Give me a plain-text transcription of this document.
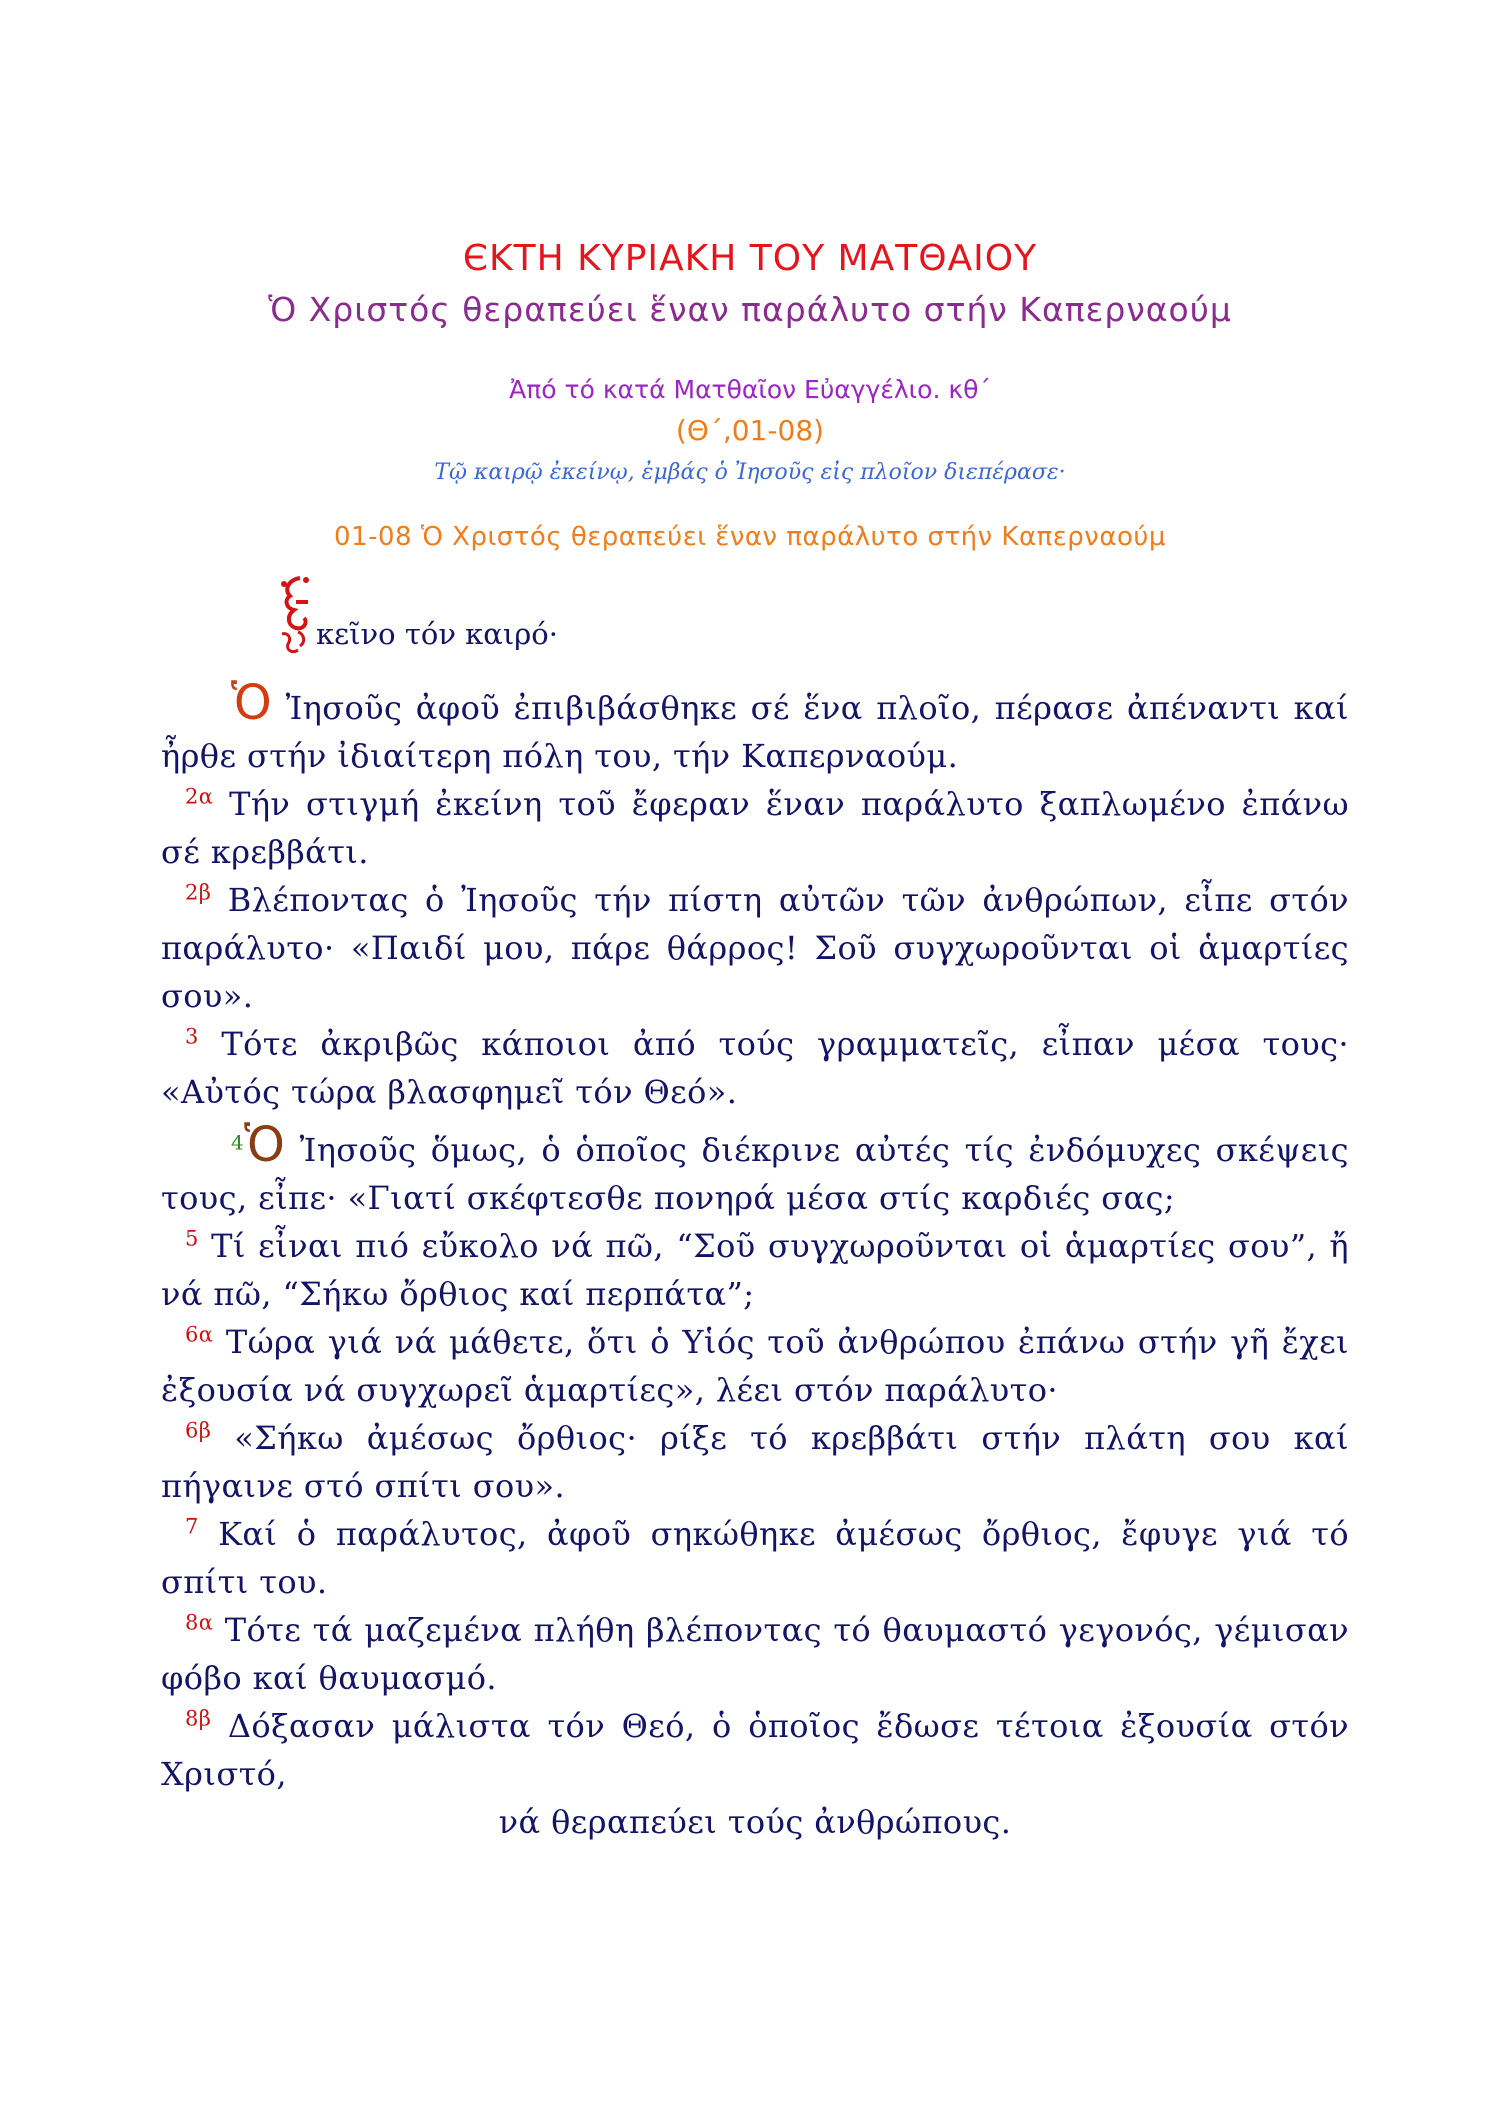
ЄΚΤΗ ΚΥΡΙΑΚΗ ΤΟΥ ΜΑΤΘΑΙΟΥ
Ὁ Χριστός θεραπεύει ἕναν παράλυτο στήν Καπερναούμ
Ἀπό τό κατά Ματθαῖον Εὐαγγέλιο. κθ΄
(Θ΄,01-08)
Τῷ καιρῷ ἐκείνῳ, ἐμβάς ὁ Ἰησοῦς εἰς πλοῖον διεπέρασε·
01-08 Ὁ Χριστός θεραπεύει ἕναν παράλυτο στήν Καπερναούμ
κεῖνο τόν καιρό·

Ὁ Ἰησοῦς ἀφοῦ ἐπιβιβάσθηκε σέ ἕνα πλοῖο, πέρασε ἀπέναντι καί ἦρθε στήν ἰδιαίτερη πόλη του, τήν Καπερναούμ.

$^{2\alpha}$ Τήν στιγμή ἐκείνη τοῦ ἔφεραν ἕναν παράλυτο ξαπλωμένο ἐπάνω σέ κρεββάτι.

$^{2\beta}$ Βλέποντας ὁ Ἰησοῦς τήν πίστη αὐτῶν τῶν ἀνθρώπων, εἶπε στόν παράλυτο· «Παιδί μου, πάρε θάρρος! Σοῦ συγχωροῦνται οἱ ἁμαρτίες σου».

$^3$ Τότε ἀκριβῶς κάποιοι ἀπό τούς γραμματεῖς, εἶπαν μέσα τους· «Αὐτός τώρα βλασφημεῖ τόν Θεό».

$^4$Ὁ Ἰησοῦς ὅμως, ὁ ὁποῖος διέκρινε αὐτές τίς ἐνδόμυχες σκέψεις τους, εἶπε· «Γιατί σκέφτεσθε πονηρά μέσα στίς καρδιές σας;

$^5$ Τί εἶναι πιό εὔκολο νά πῶ, “Σοῦ συγχωροῦνται οἱ ἁμαρτίες σου”, ἤ νά πῶ, “Σήκω ὄρθιος καί περπάτα”;

$^{6\alpha}$ Τώρα γιά νά μάθετε, ὅτι ὁ Υἱός τοῦ ἀνθρώπου ἐπάνω στήν γῆ ἔχει ἐξουσία νά συγχωρεῖ ἁμαρτίες», λέει στόν παράλυτο·

$^{6\beta}$ «Σήκω ἀμέσως ὄρθιος· ρίξε τό κρεββάτι στήν πλάτη σου καί πήγαινε στό σπίτι σου».

$^7$ Καί ὁ παράλυτος, ἀφοῦ σηκώθηκε ἀμέσως ὄρθιος, ἔφυγε γιά τό σπίτι του.

$^{8\alpha}$ Τότε τά μαζεμένα πλήθη βλέποντας τό θαυμαστό γεγονός, γέμισαν φόβο καί θαυμασμό.

$^{8\beta}$ Δόξασαν μάλιστα τόν Θεό, ὁ ὁποῖος ἔδωσε τέτοια ἐξουσία στόν Χριστό,

νά θεραπεύει τούς ἀνθρώπους.
